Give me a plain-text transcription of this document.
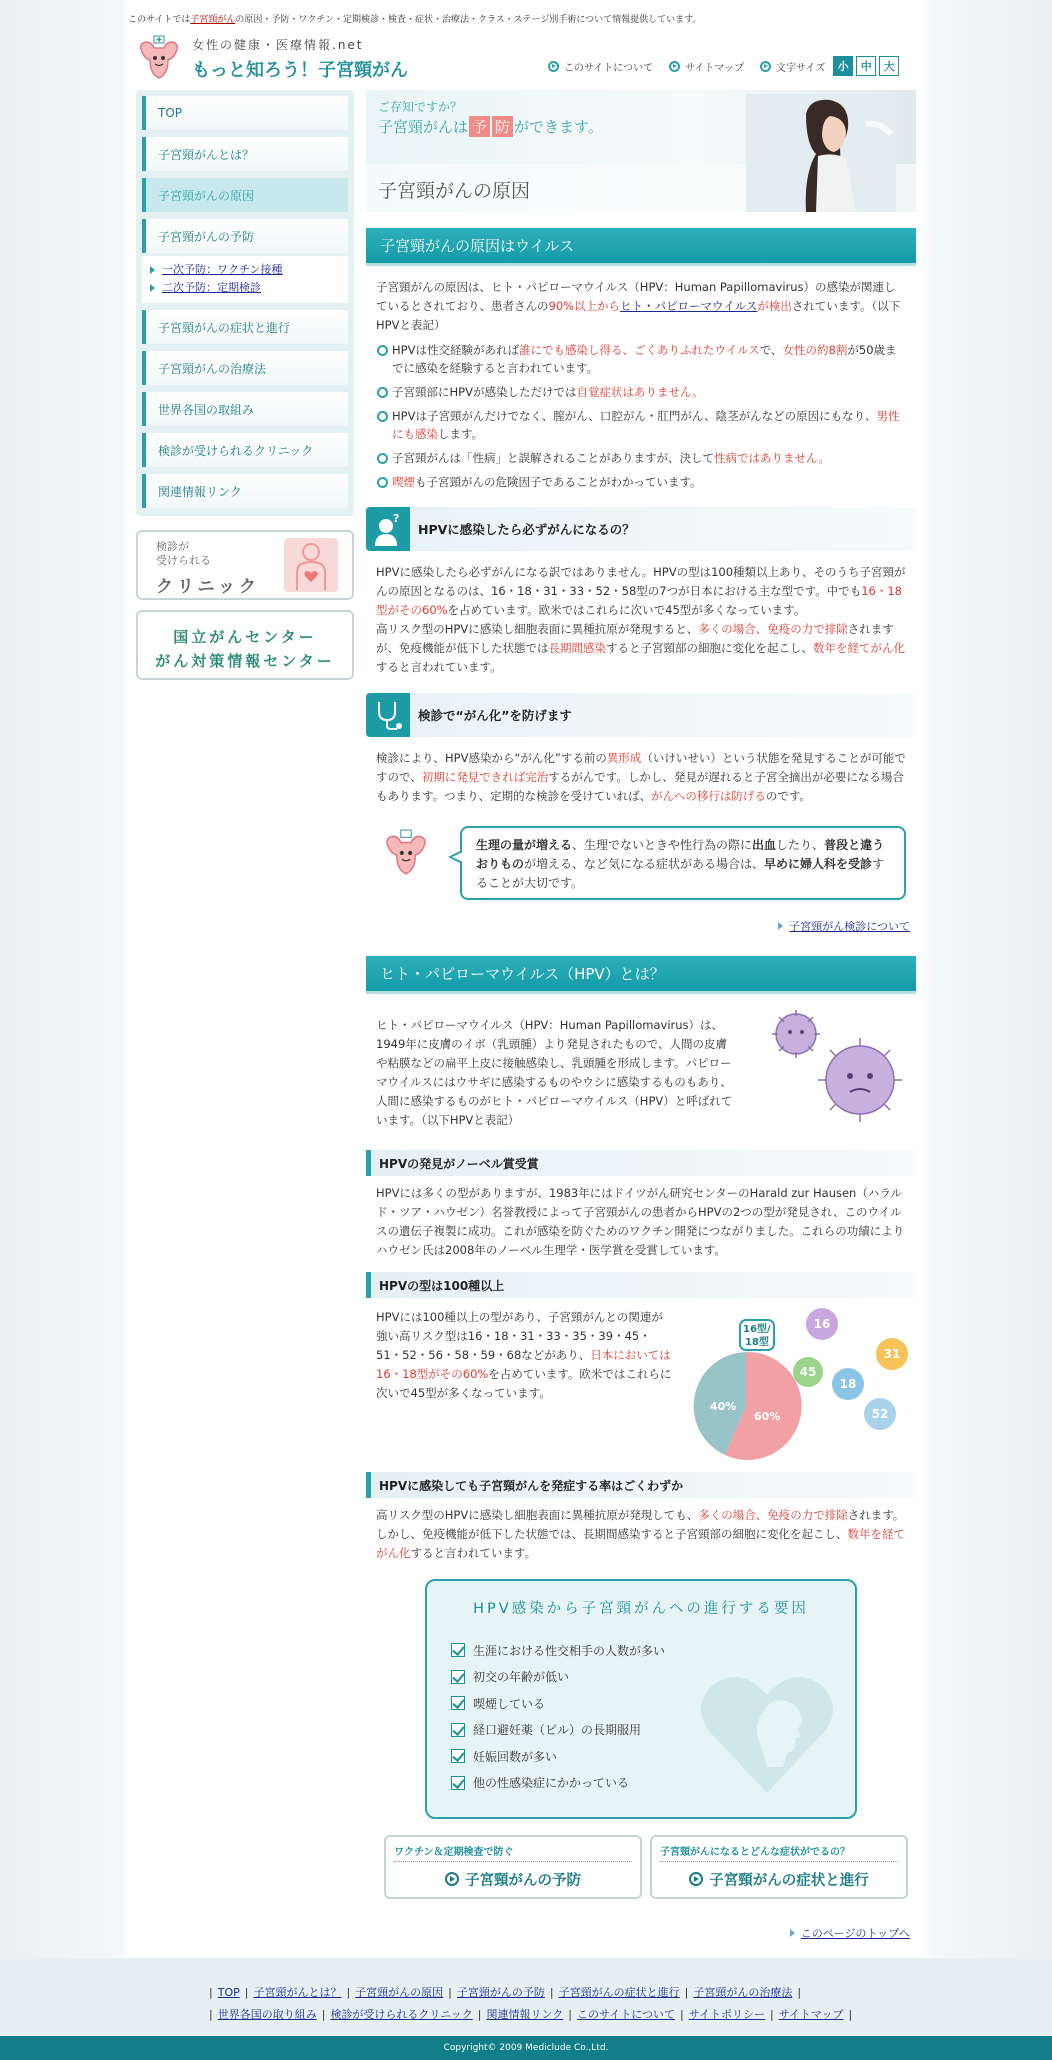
このサイトでは子宮頸がんの原因・予防・ワクチン・定期検診・検査・症状・治療法・クラス・ステージ別手術について情報提供しています。
女性の健康・医療情報.net
もっと知ろう！子宮頸がん	このサイトについて	サイトマップ	文字サイズ	小	中	大
TOP
子宮頸がんとは？
子宮頸がんの原因
子宮頸がんの予防
一次予防：ワクチン接種
二次予防：定期検診
子宮頸がんの症状と進行
子宮頸がんの治療法
世界各国の取組み
検診が受けられるクリニック
関連情報リンク
検診が
受けられる
クリニック
国立がんセンター
がん対策情報センター
ご存知ですか？
子宮頸がんは 予 防 ができます。
子宮頸がんの原因
子宮頸がんの原因はウイルス

子宮頸がんの原因は、ヒト・パピローマウイルス（HPV：Human Papillomavirus）の感染が関連しているとされており、患者さんの90%以上からヒト・パピローマウイルスが検出されています。（以下HPVと表記）

HPVは性交経験があれば誰にでも感染し得る、ごくありふれたウイルスで、女性の約8割が50歳までに感染を経験すると言われています。
子宮頸部にHPVが感染しただけでは自覚症状はありません。
HPVは子宮頸がんだけでなく、膣がん、口腔がん・肛門がん、陰茎がんなどの原因にもなり、男性にも感染します。
子宮頸がんは「性病」と誤解されることがありますが、決して性病ではありません。
喫煙も子宮頸がんの危険因子であることがわかっています。
?
HPVに感染したら必ずがんになるの？

HPVに感染したら必ずがんになる訳ではありません。HPVの型は100種類以上あり、そのうち子宮頸がんの原因となるのは、16・18・31・33・52・58型の7つが日本における主な型です。中でも16・18型がその60%を占めています。欧米ではこれらに次いで45型が多くなっています。
高リスク型のHPVに感染し細胞表面に異種抗原が発現すると、多くの場合、免疫の力で排除されますが、免疫機能が低下した状態では長期間感染すると子宮頸部の細胞に変化を起こし、数年を経てがん化すると言われています。

検診で“がん化”を防げます

検診により、HPV感染から“がん化”する前の異形成（いけいせい）という状態を発見することが可能ですので、初期に発見できれば完治するがんです。しかし、発見が遅れると子宮全摘出が必要になる場合もあります。つまり、定期的な検診を受けていれば、がんへの移行は防げるのです。

生理の量が増える、生理でないときや性行為の際に出血したり、普段と違うおりものが増える、など気になる症状がある場合は、早めに婦人科を受診することが大切です。
子宮頸がん検診について
ヒト・パピローマウイルス（HPV）とは？

ヒト・パピローマウイルス（HPV：Human Papillomavirus）は、1949年に皮膚のイボ（乳頭腫）より発見されたもので、人間の皮膚や粘膜などの扁平上皮に接触感染し、乳頭腫を形成します。パピローマウイルスにはウサギに感染するものやウシに感染するものもあり、人間に感染するものがヒト・パピローマウイルス（HPV）と呼ばれています。（以下HPVと表記）

HPVの発見がノーベル賞受賞

HPVには多くの型がありますが、1983年にはドイツがん研究センターのHarald zur Hausen（ハラルド・ツア・ハウゼン）名誉教授によって子宮頸がんの患者からHPVの2つの型が発見され、このウイルスの遺伝子複製に成功。これが感染を防ぐためのワクチン開発につながりました。これらの功績によりハウゼン氏は2008年のノーベル生理学・医学賞を受賞しています。

HPVの型は100種以上

HPVには100種以上の型があり、子宮頸がんとの関連が強い高リスク型は16・18・31・33・35・39・45・51・52・56・58・59・68などがあり、日本においては16・18型がその60%を占めています。欧米ではこれらに次いで45型が多くなっています。

40%
60%
16型/
18型
16
31
45
18
52
HPVに感染しても子宮頸がんを発症する率はごくわずか

高リスク型のHPVに感染し細胞表面に異種抗原が発現しても、多くの場合、免疫の力で排除されます。
しかし、免疫機能が低下した状態では、長期間感染すると子宮頸部の細胞に変化を起こし、数年を経てがん化すると言われています。

HPV感染から子宮頸がんへの進行する要因
生涯における性交相手の人数が多い
初交の年齢が低い
喫煙している
経口避妊薬（ピル）の長期服用
妊娠回数が多い
他の性感染症にかかっている
ワクチン＆定期検査で防ぐ
子宮頸がんの予防
子宮頸がんになるとどんな症状がでるの？
子宮頸がんの症状と進行
このページのトップへ
| TOP | 子宮頸がんとは？ | 子宮頸がんの原因 | 子宮頸がんの予防 | 子宮頸がんの症状と進行 | 子宮頸がんの治療法 |
| 世界各国の取り組み | 検診が受けられるクリニック | 関連情報リンク | このサイトについて | サイトポリシー | サイトマップ |
Copyright© 2009 Mediclude Co.,Ltd.
